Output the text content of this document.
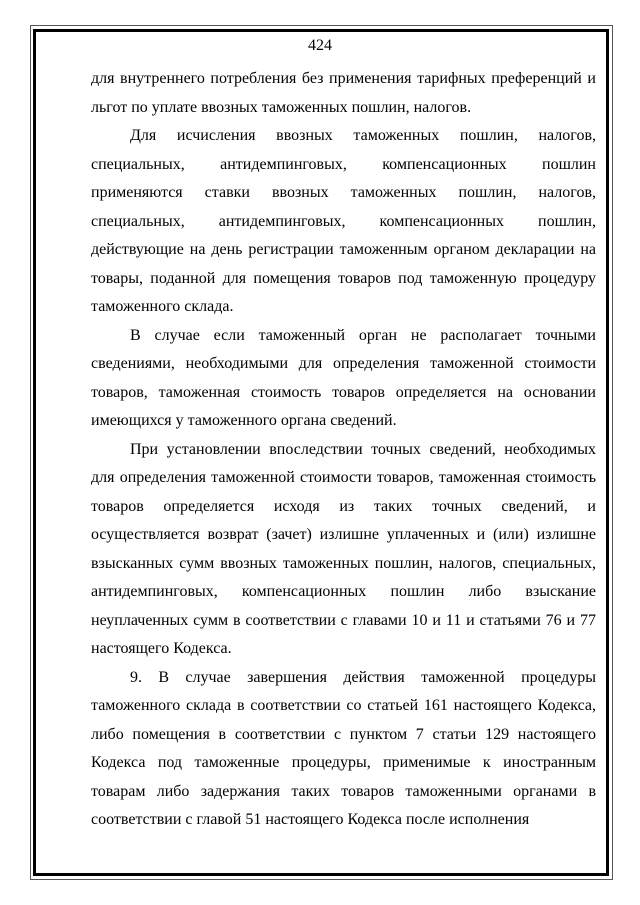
424

для внутреннего потребления без применения тарифных преференций и льгот по уплате ввозных таможенных пошлин, налогов.

Для исчисления ввозных таможенных пошлин, налогов, специальных, антидемпинговых, компенсационных пошлин применяются ставки ввозных таможенных пошлин, налогов, специальных, антидемпинговых, компенсационных пошлин, действующие на день регистрации таможенным органом декларации на товары, поданной для помещения товаров под таможенную процедуру таможенного склада.

В случае если таможенный орган не располагает точными сведениями, необходимыми для определения таможенной стоимости товаров, таможенная стоимость товаров определяется на основании имеющихся у таможенного органа сведений.

При установлении впоследствии точных сведений, необходимых для определения таможенной стоимости товаров, таможенная стоимость товаров определяется исходя из таких точных сведений, и осуществляется возврат (зачет) излишне уплаченных и (или) излишне взысканных сумм ввозных таможенных пошлин, налогов, специальных, антидемпинговых, компенсационных пошлин либо взыскание неуплаченных сумм в соответствии с главами 10 и 11 и статьями 76 и 77 настоящего Кодекса.

9. В случае завершения действия таможенной процедуры таможенного склада в соответствии со статьей 161 настоящего Кодекса, либо помещения в соответствии с пунктом 7 статьи 129 настоящего Кодекса под таможенные процедуры, применимые к иностранным товарам либо задержания таких товаров таможенными органами в соответствии с главой 51 настоящего Кодекса после исполнения
